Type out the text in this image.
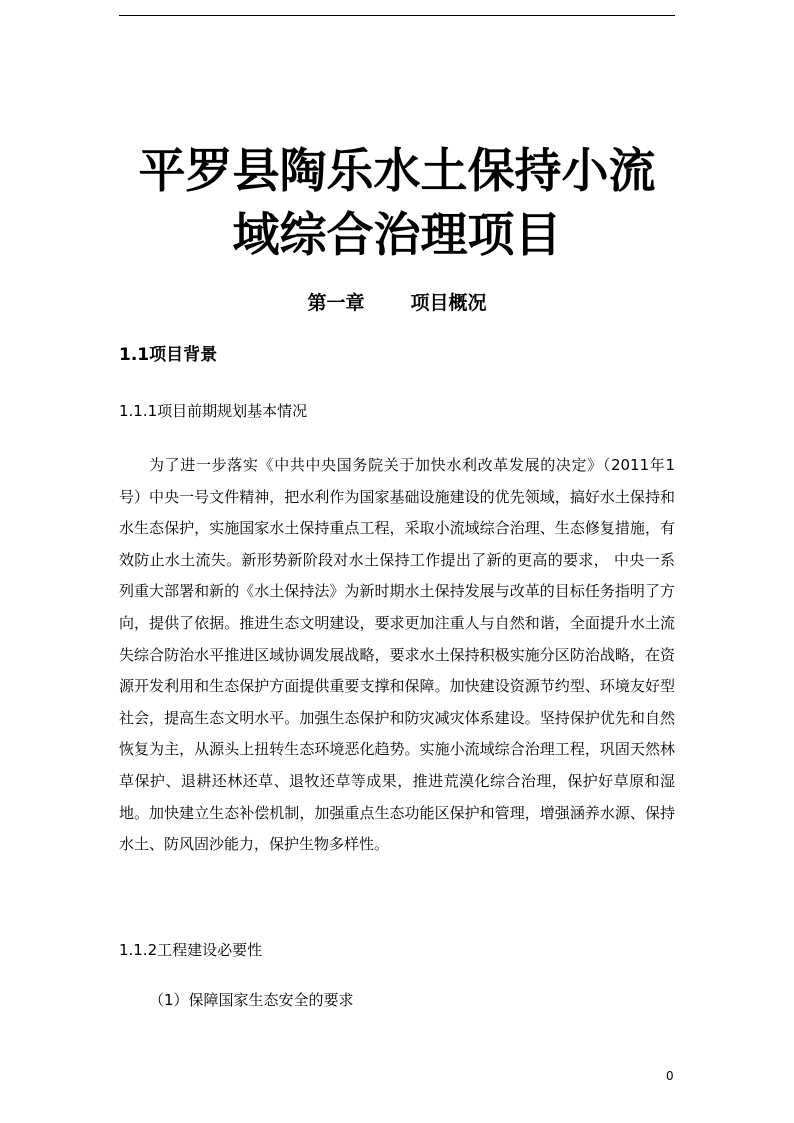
平罗县陶乐水土保持小流
域综合治理项目
第一章 项目概况
1.1项目背景

1.1.1项目前期规划基本情况

为了进一步落实《中共中央国务院关于加快水利改革发展的决定》（2011年1号）中央一号文件精神，把水利作为国家基础设施建设的优先领域，搞好水土保持和水生态保护，实施国家水土保持重点工程，采取小流域综合治理、生态修复措施，有效防止水土流失。新形势新阶段对水土保持工作提出了新的更高的要求， 中央一系列重大部署和新的《水土保持法》为新时期水土保持发展与改革的目标任务指明了方向，提供了依据。推进生态文明建设，要求更加注重人与自然和谐，全面提升水土流失综合防治水平推进区域协调发展战略，要求水土保持积极实施分区防治战略，在资源开发利用和生态保护方面提供重要支撑和保障。加快建设资源节约型、环境友好型社会，提高生态文明水平。加强生态保护和防灾减灾体系建设。坚持保护优先和自然恢复为主，从源头上扭转生态环境恶化趋势。实施小流域综合治理工程，巩固天然林草保护、退耕还林还草、退牧还草等成果，推进荒漠化综合治理，保护好草原和湿地。加快建立生态补偿机制，加强重点生态功能区保护和管理，增强涵养水源、保持水土、防风固沙能力，保护生物多样性。

1.1.2工程建设必要性

（1）保障国家生态安全的要求

0
